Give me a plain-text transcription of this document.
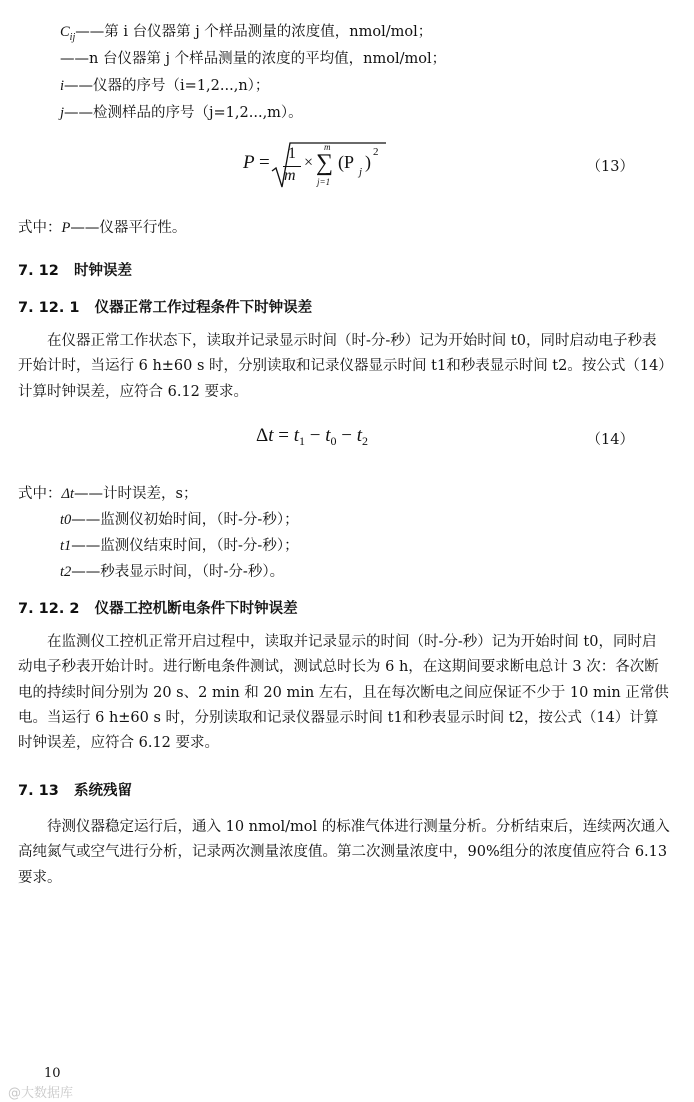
$C_{ij}——$第 i 台仪器第 j 个样品测量的浓度值，nmol/mol；
——n 台仪器第 j 个样品测量的浓度的平均值，nmol/mol；
i——仪器的序号（i=1,2...,n）；
j——检测样品的序号（j=1,2...,m）。
P = 1
m
×
m
∑
j=1
(P j ) 2
（13）
式中：P——仪器平行性。
7. 12 时钟误差
7. 12. 1 仪器正常工作过程条件下时钟误差
在仪器正常工作状态下，读取并记录显示时间（时-分-秒）记为开始时间 t0，同时启动电子秒表开始计时，当运行 6 h±60 s 时，分别读取和记录仪器显示时间 t1和秒表显示时间 t2。按公式（14）计算时钟误差，应符合 6.12 要求。
$\Delta t = t_1 - t_0 - t_2$	（14）
式中：Δt——计时误差，s；
t0——监测仪初始时间，（时-分-秒）；
t1——监测仪结束时间，（时-分-秒）；
t2——秒表显示时间，（时-分-秒）。
7. 12. 2 仪器工控机断电条件下时钟误差
在监测仪工控机正常开启过程中，读取并记录显示的时间（时-分-秒）记为开始时间 t0，同时启动电子秒表开始计时。进行断电条件测试，测试总时长为 6 h，在这期间要求断电总计 3 次：各次断电的持续时间分别为 20 s、2 min 和 20 min 左右，且在每次断电之间应保证不少于 10 min 正常供电。当运行 6 h±60 s 时，分别读取和记录仪器显示时间 t1和秒表显示时间 t2，按公式（14）计算时钟误差，应符合 6.12 要求。
7. 13 系统残留
待测仪器稳定运行后，通入 10 nmol/mol 的标准气体进行测量分析。分析结束后，连续两次通入高纯氮气或空气进行分析，记录两次测量浓度值。第二次测量浓度中，90%组分的浓度值应符合 6.13 要求。
10
@大数据库
